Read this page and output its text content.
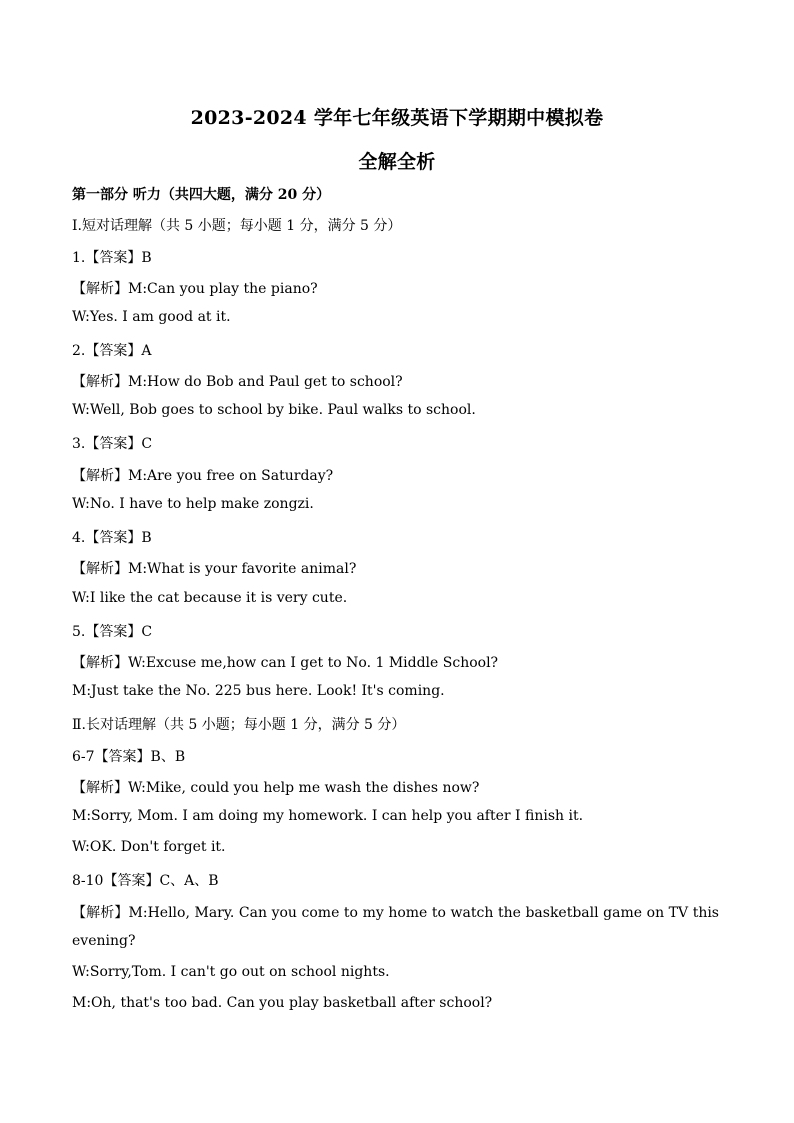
2023-2024 学年七年级英语下学期期中模拟卷
全解全析
第一部分 听力（共四大题，满分 20 分）
Ⅰ.短对话理解（共 5 小题；每小题 1 分，满分 5 分）
1.【答案】B
【解析】M:Can you play the piano?
W:Yes. I am good at it.
2.【答案】A
【解析】M:How do Bob and Paul get to school?
W:Well, Bob goes to school by bike. Paul walks to school.
3.【答案】C
【解析】M:Are you free on Saturday?
W:No. I have to help make zongzi.
4.【答案】B
【解析】M:What is your favorite animal?
W:I like the cat because it is very cute.
5.【答案】C
【解析】W:Excuse me,how can I get to No. 1 Middle School?
M:Just take the No. 225 bus here. Look! It's coming.
Ⅱ.长对话理解（共 5 小题；每小题 1 分，满分 5 分）
6-7【答案】B、B
【解析】W:Mike, could you help me wash the dishes now?
M:Sorry, Mom. I am doing my homework. I can help you after I finish it.
W:OK. Don't forget it.
8-10【答案】C、A、B
【解析】M:Hello, Mary. Can you come to my home to watch the basketball game on TV this
evening?
W:Sorry,Tom. I can't go out on school nights.
M:Oh, that's too bad. Can you play basketball after school?
